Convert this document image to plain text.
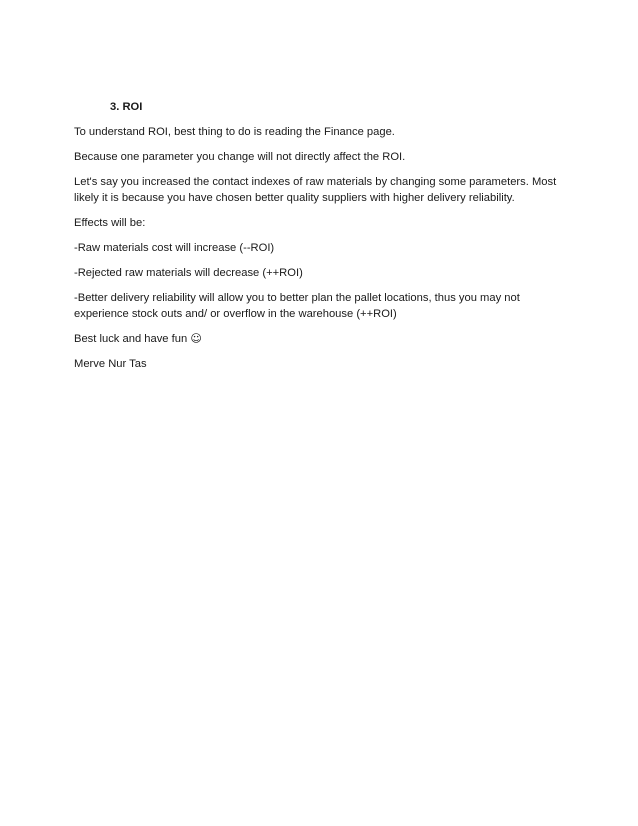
3. ROI

To understand ROI, best thing to do is reading the Finance page.

Because one parameter you change will not directly affect the ROI.

Let's say you increased the contact indexes of raw materials by changing some parameters. Most likely it is because you have chosen better quality suppliers with higher delivery reliability.

Effects will be:

-Raw materials cost will increase (--ROI)

-Rejected raw materials will decrease (++ROI)

-Better delivery reliability will allow you to better plan the pallet locations, thus you may not experience stock outs and/ or overflow in the warehouse (++ROI)

Best luck and have fun ☺

Merve Nur Tas
